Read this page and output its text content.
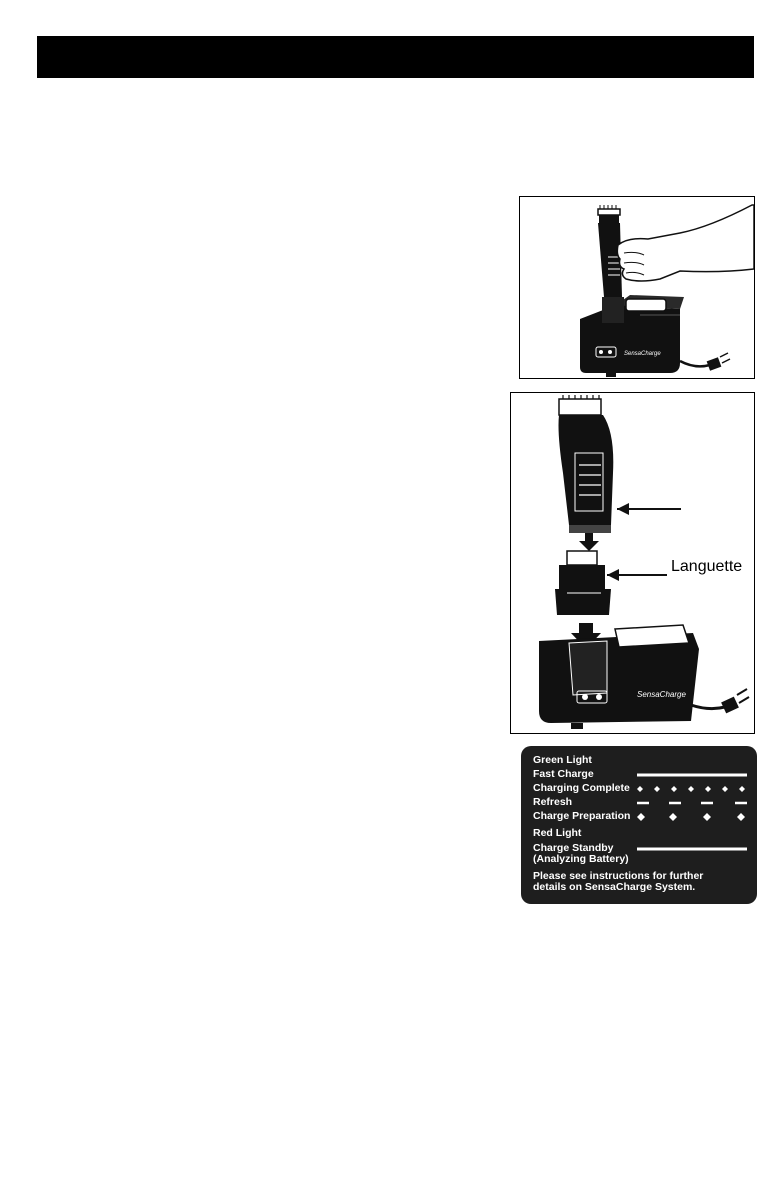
SensaCharge
SensaCharge
Languette
Green Light
Fast Charge
Charging Complete
Refresh
Charge Preparation
Red Light
Charge Standby
(Analyzing Battery)
Please see instructions for further
details on SensaCharge System.
